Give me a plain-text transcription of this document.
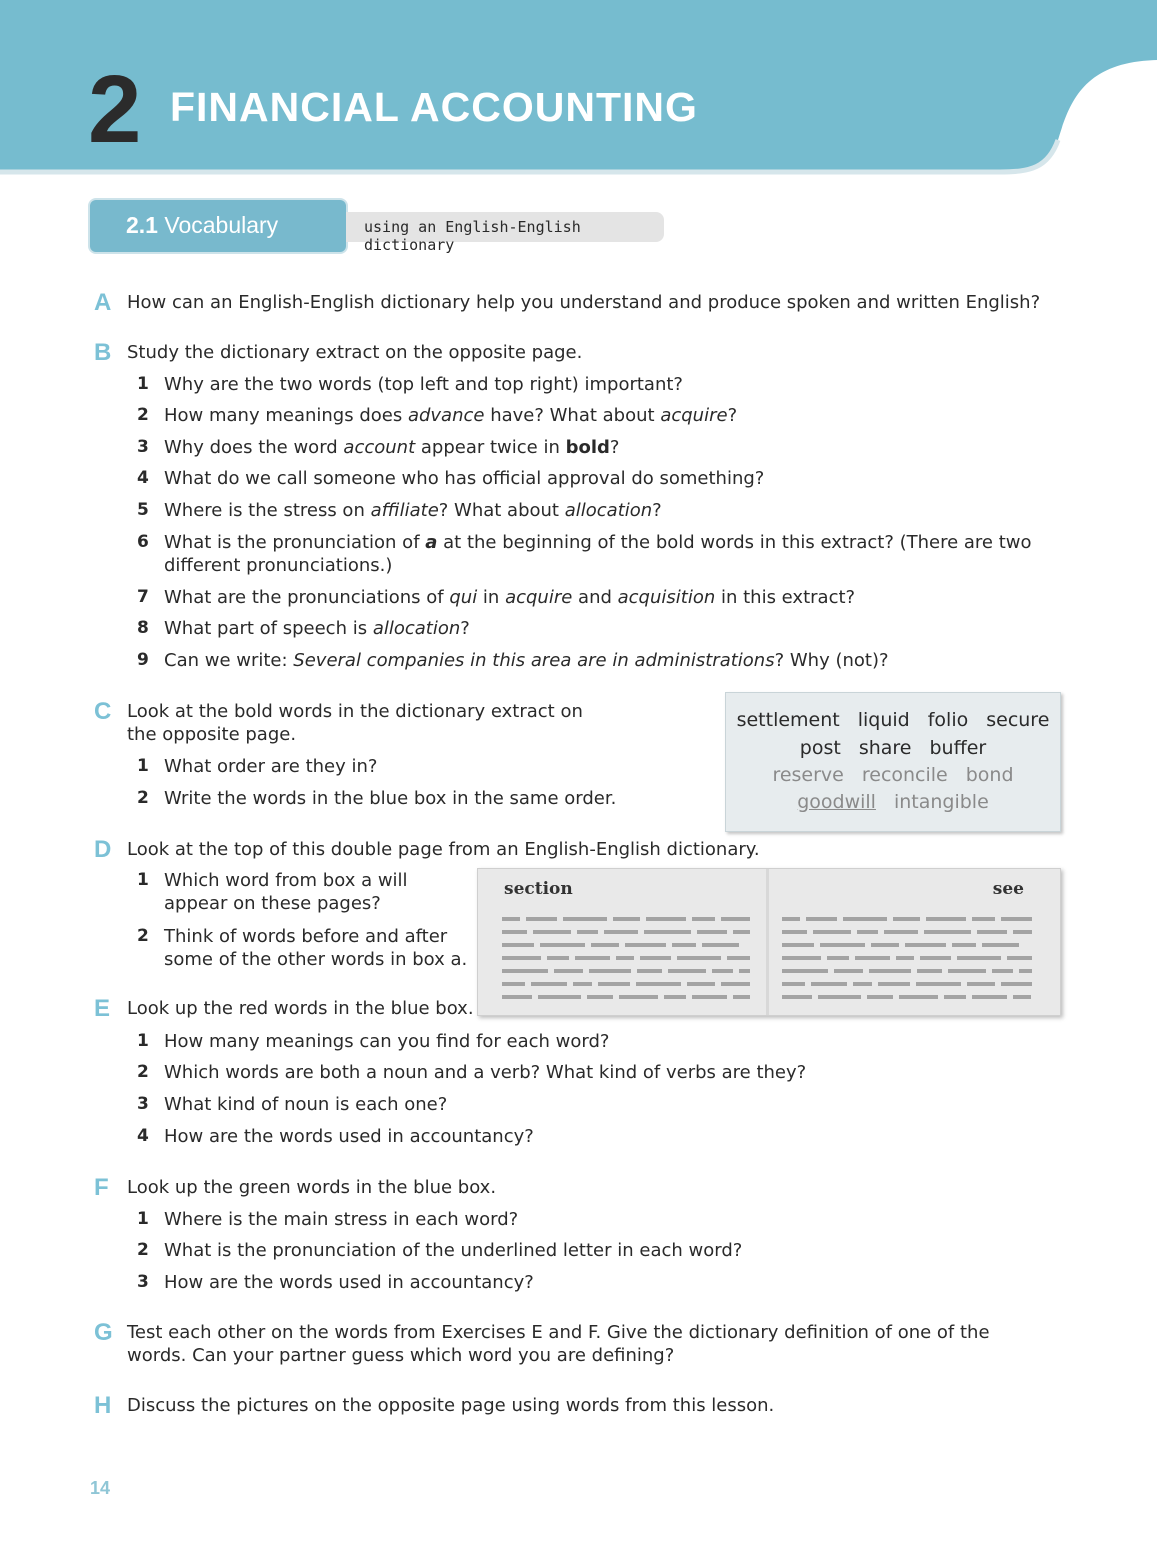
2 FINANCIAL ACCOUNTING
2.1 Vocabulary	using an English-English dictionary
A How can an English-English dictionary help you understand and produce spoken and written English?
B Study the dictionary extract on the opposite page.
1 Why are the two words (top left and top right) important?
2 How many meanings does advance have? What about acquire?
3 Why does the word account appear twice in bold?
4 What do we call someone who has official approval do something?
5 Where is the stress on affiliate? What about allocation?
6 What is the pronunciation of a at the beginning of the bold words in this extract? (There are two
different pronunciations.)
7 What are the pronunciations of qui in acquire and acquisition in this extract?
8 What part of speech is allocation?
9 Can we write: Several companies in this area are in administrations? Why (not)?
C Look at the bold words in the dictionary extract on
the opposite page.
1 What order are they in?
2 Write the words in the blue box in the same order.
settlement liquid folio secure
post share buffer
reserve reconcile bond
goodwill intangible
D Look at the top of this double page from an English-English dictionary.
1 Which word from box a will
appear on these pages?
2 Think of words before and after
some of the other words in box a.
section	see
E Look up the red words in the blue box.
1 How many meanings can you find for each word?
2 Which words are both a noun and a verb? What kind of verbs are they?
3 What kind of noun is each one?
4 How are the words used in accountancy?
F Look up the green words in the blue box.
1 Where is the main stress in each word?
2 What is the pronunciation of the underlined letter in each word?
3 How are the words used in accountancy?
G Test each other on the words from Exercises E and F. Give the dictionary definition of one of the
words. Can your partner guess which word you are defining?
H Discuss the pictures on the opposite page using words from this lesson.
14
